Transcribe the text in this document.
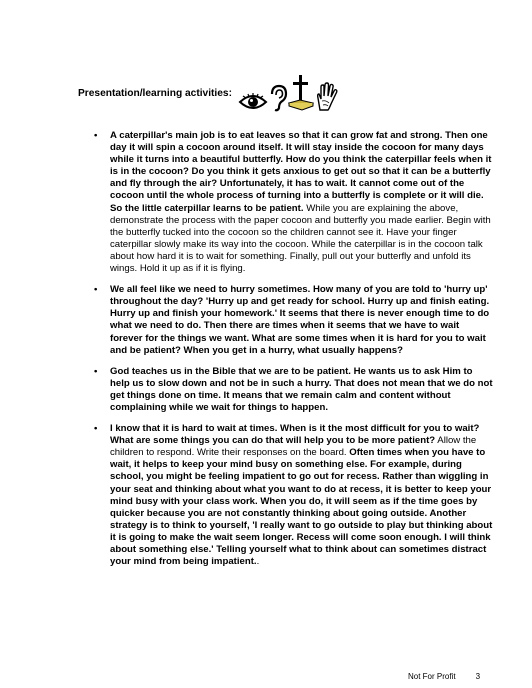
Presentation/learning activities:
• A caterpillar's main job is to eat leaves so that it can grow fat and strong. Then one day it will spin a cocoon around itself. It will stay inside the cocoon for many days while it turns into a beautiful butterfly. How do you think the caterpillar feels when it is in the cocoon? Do you think it gets anxious to get out so that it can be a butterfly and fly through the air? Unfortunately, it has to wait. It cannot come out of the cocoon until the whole process of turning into a butterfly is complete or it will die. So the little caterpillar learns to be patient. While you are explaining the above, demonstrate the process with the paper cocoon and butterfly you made earlier. Begin with the butterfly tucked into the cocoon so the children cannot see it. Have your finger caterpillar slowly make its way into the cocoon. While the caterpillar is in the cocoon talk about how hard it is to wait for something. Finally, pull out your butterfly and unfold its wings. Hold it up as if it is flying.
• We all feel like we need to hurry sometimes. How many of you are told to 'hurry up' throughout the day? 'Hurry up and get ready for school. Hurry up and finish eating. Hurry up and finish your homework.' It seems that there is never enough time to do what we need to do. Then there are times when it seems that we have to wait forever for the things we want. What are some times when it is hard for you to wait and be patient? When you get in a hurry, what usually happens?
• God teaches us in the Bible that we are to be patient. He wants us to ask Him to help us to slow down and not be in such a hurry. That does not mean that we do not get things done on time. It means that we remain calm and content without complaining while we wait for things to happen.
• I know that it is hard to wait at times. When is it the most difficult for you to wait? What are some things you can do that will help you to be more patient? Allow the children to respond. Write their responses on the board. Often times when you have to wait, it helps to keep your mind busy on something else. For example, during school, you might be feeling impatient to go out for recess. Rather than wiggling in your seat and thinking about what you want to do at recess, it is better to keep your mind busy with your class work. When you do, it will seem as if the time goes by quicker because you are not constantly thinking about going outside. Another strategy is to think to yourself, 'I really want to go outside to play but thinking about it is going to make the wait seem longer. Recess will come soon enough. I will think about something else.' Telling yourself what to think about can sometimes distract your mind from being impatient..
Not For Profit	3
